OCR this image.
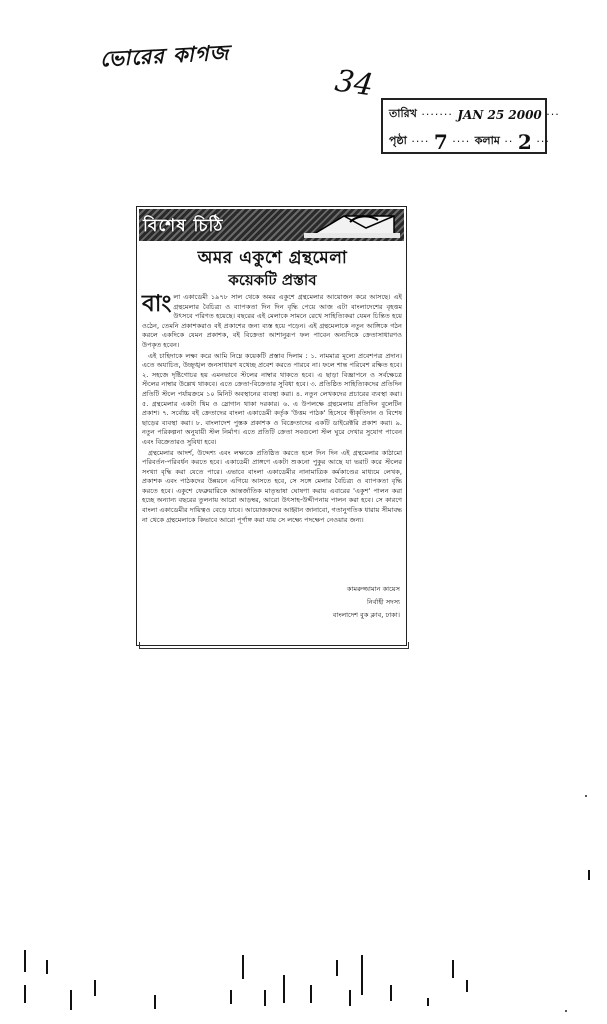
ভোরের কাগজ
34
তারিখ ······· JAN 25 2000 ···
পৃষ্ঠা ···· 7 ···· কলাম ·· 2 ···
বিশেষ চিঠি
অমর একুশে গ্রন্থমেলা
কয়েকটি প্রস্তাব

বাংলা একাডেমী ১৯৭৮ সাল থেকে অমর একুশে গ্রন্থমেলার আয়োজন করে আসছে। এই গ্রন্থমেলার বৈচিত্র্য ও ব্যাপকতা দিন দিন বৃদ্ধি পেয়ে আজ এটা বাংলাদেশের বৃহত্তম উৎসবে পরিণত হয়েছে। বছরের এই মেলাকে সামনে রেখে সাহিত্যিকরা যেমন চিন্তিত হয়ে ওঠেন, তেমনি প্রকাশকরাও বই প্রকাশের জন্য ব্যস্ত হয়ে পড়েন। এই গ্রন্থমেলাকে নতুন আঙ্গিকে গঠন করলে একদিকে যেমন প্রকাশক, বই বিক্রেতা আশানুরূপ ফল পাবেন অন্যদিকে ক্রেতাসাধারণও উপকৃত হবেন।

এই চাহিদাকে লক্ষ্য করে আমি নিম্নে কয়েকটি প্রস্তাব দিলাম : ১. নামমাত্র মূল্যে প্রবেশপত্র প্রদান। এতে অযাচিত, উচ্ছৃঙ্খল জনসাধারণ যথেচ্ছ প্রবেশ করতে পারবে না। ফলে শান্ত পরিবেশ রক্ষিত হবে। ২. সহজে দৃষ্টিগোচর হয় এমনভাবে স্টলের নাম্বার থাকতে হবে। এ ছাড়া বিজ্ঞাপনে ও সর্বক্ষেত্রে স্টলের নাম্বার উল্লেখ থাকবে। এতে ক্রেতা-বিক্রেতার সুবিধা হবে। ৩. প্রতিষ্ঠিত সাহিত্যিকদের প্রতিদিন প্রতিটি স্টলে পর্যায়ক্রমে ১০ মিনিট অবস্থানের ব্যবস্থা করা। ৪. নতুন লেখকদের প্রচারের ব্যবস্থা করা। ৫. গ্রন্থমেলার একটা থিম ও স্লোগান থাকা দরকার। ৬. এ উপলক্ষে গ্রন্থমেলায় প্রতিদিন বুলেটিন প্রকাশ। ৭. সর্বোচ্চ বই ক্রেতাদের বাংলা একাডেমী কর্তৃক 'উত্তম পাঠক' হিসেবে স্বীকৃতিদান ও বিশেষ ছাড়ের ব্যবস্থা করা। ৮. বাংলাদেশ পুস্তক প্রকাশক ও বিক্রেতাদের একটি ডাইরেক্টরি প্রকাশ করা। ৯. নতুন পরিকল্পনা অনুযায়ী স্টল নির্মাণ। এতে প্রতিটি ক্রেতা সবগুলো স্টল ঘুরে দেখার সুযোগ পাবেন এবং বিক্রেতারও সুবিধা হবে।

গ্রন্থমেলার আদর্শ, উদ্দেশ্য এবং লক্ষ্যকে প্রতিষ্ঠিত করতে হলে দিন দিন এই গ্রন্থমেলার কাঠামো পরিবর্তন-পরিবর্ধন করতে হবে। একাডেমী প্রাঙ্গণে একটা শুকনো পুকুর আছে যা ভরাট করে স্টলের সংখ্যা বৃদ্ধি করা যেতে পারে। এভাবে বাংলা একাডেমীর নানামাত্রিক কর্মকাণ্ডের মাধ্যমে লেখক, প্রকাশক এবং পাঠকদের উন্নয়নে এগিয়ে আসতে হবে, সে সঙ্গে মেলার বৈচিত্র্য ও ব্যাপকতা বৃদ্ধি করতে হবে। একুশে ফেব্রুয়ারিকে আন্তর্জাতিক মাতৃভাষা ঘোষণা করায় এবারের 'একুশ' পালন করা হচ্ছে অন্যান্য বছরের তুলনায় আরো আড়ম্বর, আরো উৎসাহ-উদ্দীপনায় পালন করা হবে। সে কারণে বাংলা একাডেমীর দায়িত্বও বেড়ে যাবে। আয়োজকদের আহ্বান জানাবো, গতানুগতিক ধারায় সীমাবদ্ধ না থেকে গ্রন্থমেলাকে কিভাবে আরো পূর্ণাঙ্গ করা যায় সে লক্ষ্যে পদক্ষেপ নেওয়ার জন্য।

কামরুজ্জামান কায়েস
নির্বাহী সদস্য
বাংলাদেশ বুক ক্লাব, ঢাকা।
